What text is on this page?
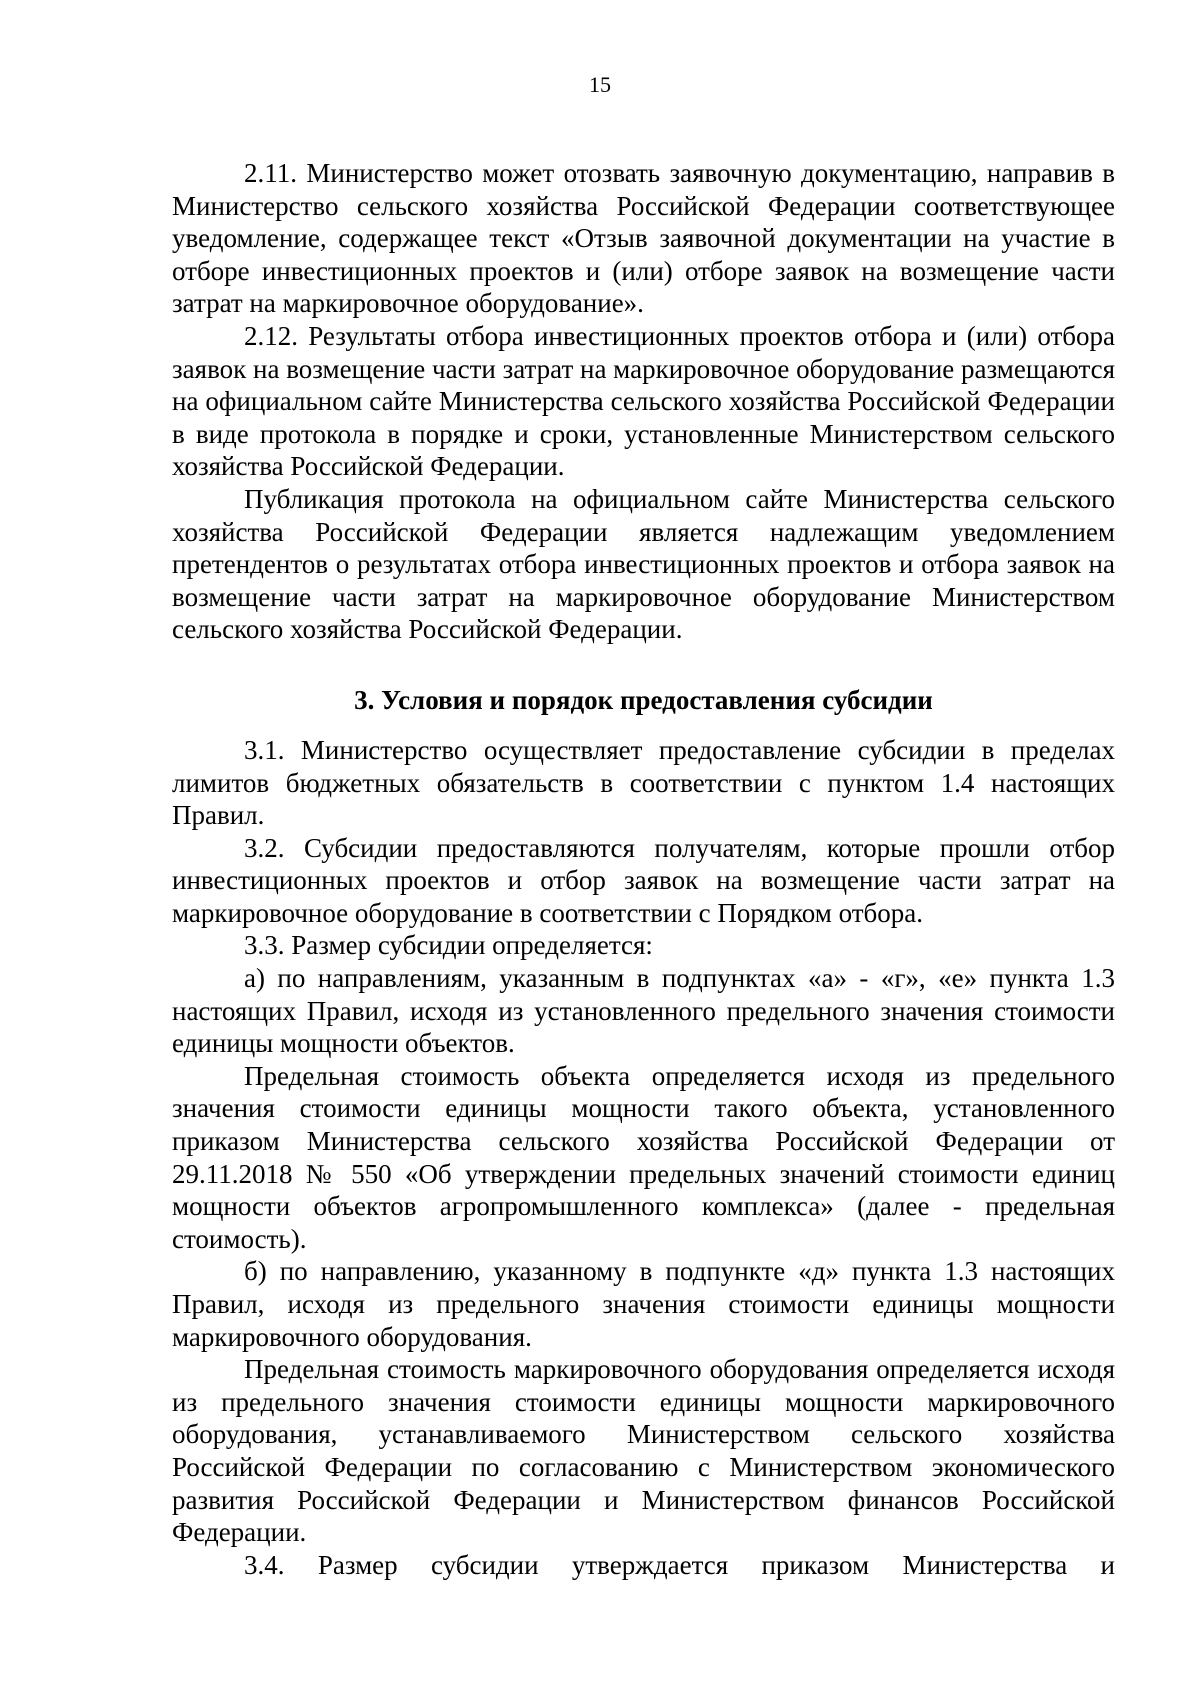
15

2.11. Министерство может отозвать заявочную документацию, направив в Министерство сельского хозяйства Российской Федерации соответствующее уведомление, содержащее текст «Отзыв заявочной документации на участие в отборе инвестиционных проектов и (или) отборе заявок на возмещение части затрат на маркировочное оборудование».

2.12. Результаты отбора инвестиционных проектов отбора и (или) отбора заявок на возмещение части затрат на маркировочное оборудование размещаются на официальном сайте Министерства сельского хозяйства Российской Федерации в виде протокола в порядке и сроки, установленные Министерством сельского хозяйства Российской Федерации.

Публикация протокола на официальном сайте Министерства сельского хозяйства Российской Федерации является надлежащим уведомлением претендентов о результатах отбора инвестиционных проектов и отбора заявок на возмещение части затрат на маркировочное оборудование Министерством сельского хозяйства Российской Федерации.

3. Условия и порядок предоставления субсидии

3.1. Министерство осуществляет предоставление субсидии в пределах лимитов бюджетных обязательств в соответствии с пунктом 1.4 настоящих Правил.

3.2. Субсидии предоставляются получателям, которые прошли отбор инвестиционных проектов и отбор заявок на возмещение части затрат на маркировочное оборудование в соответствии с Порядком отбора.

3.3. Размер субсидии определяется:

а) по направлениям, указанным в подпунктах «а» - «г», «е» пункта 1.3 настоящих Правил, исходя из установленного предельного значения стоимости единицы мощности объектов.

Предельная стоимость объекта определяется исходя из предельного значения стоимости единицы мощности такого объекта, установленного приказом Министерства сельского хозяйства Российской Федерации от 29.11.2018 № 550 «Об утверждении предельных значений стоимости единиц мощности объектов агропромышленного комплекса» (далее - предельная стоимость).

б) по направлению, указанному в подпункте «д» пункта 1.3 настоящих Правил, исходя из предельного значения стоимости единицы мощности маркировочного оборудования.

Предельная стоимость маркировочного оборудования определяется исходя из предельного значения стоимости единицы мощности маркировочного оборудования, устанавливаемого Министерством сельского хозяйства Российской Федерации по согласованию с Министерством экономического развития Российской Федерации и Министерством финансов Российской Федерации.

3.4. Размер субсидии утверждается приказом Министерства и
